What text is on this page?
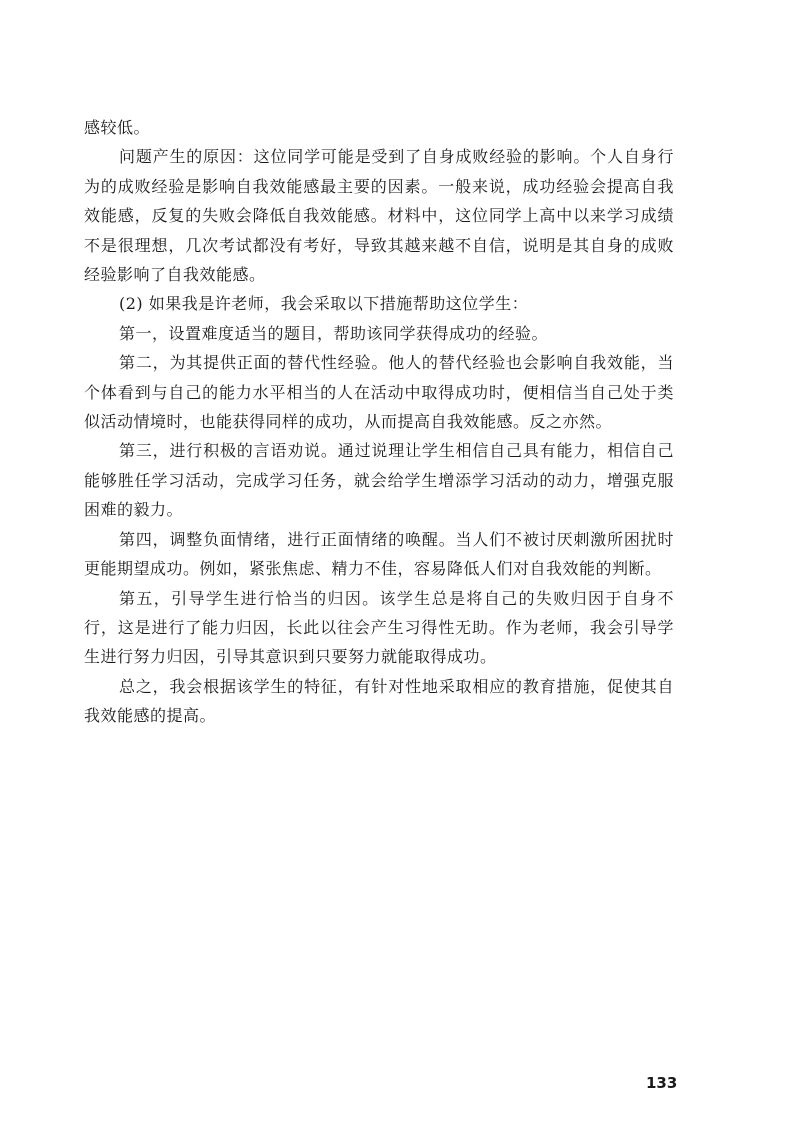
感较低。

问题产生的原因：这位同学可能是受到了自身成败经验的影响。个人自身行为的成败经验是影响自我效能感最主要的因素。一般来说，成功经验会提高自我效能感，反复的失败会降低自我效能感。材料中，这位同学上高中以来学习成绩不是很理想，几次考试都没有考好，导致其越来越不自信，说明是其自身的成败经验影响了自我效能感。

(2) 如果我是许老师，我会采取以下措施帮助这位学生：

第一，设置难度适当的题目，帮助该同学获得成功的经验。

第二，为其提供正面的替代性经验。他人的替代经验也会影响自我效能，当个体看到与自己的能力水平相当的人在活动中取得成功时，便相信当自己处于类似活动情境时，也能获得同样的成功，从而提高自我效能感。反之亦然。

第三，进行积极的言语劝说。通过说理让学生相信自己具有能力，相信自己能够胜任学习活动，完成学习任务，就会给学生增添学习活动的动力，增强克服困难的毅力。

第四，调整负面情绪，进行正面情绪的唤醒。当人们不被讨厌刺激所困扰时更能期望成功。例如，紧张焦虑、精力不佳，容易降低人们对自我效能的判断。

第五，引导学生进行恰当的归因。该学生总是将自己的失败归因于自身不行，这是进行了能力归因，长此以往会产生习得性无助。作为老师，我会引导学生进行努力归因，引导其意识到只要努力就能取得成功。

总之，我会根据该学生的特征，有针对性地采取相应的教育措施，促使其自我效能感的提高。

133
